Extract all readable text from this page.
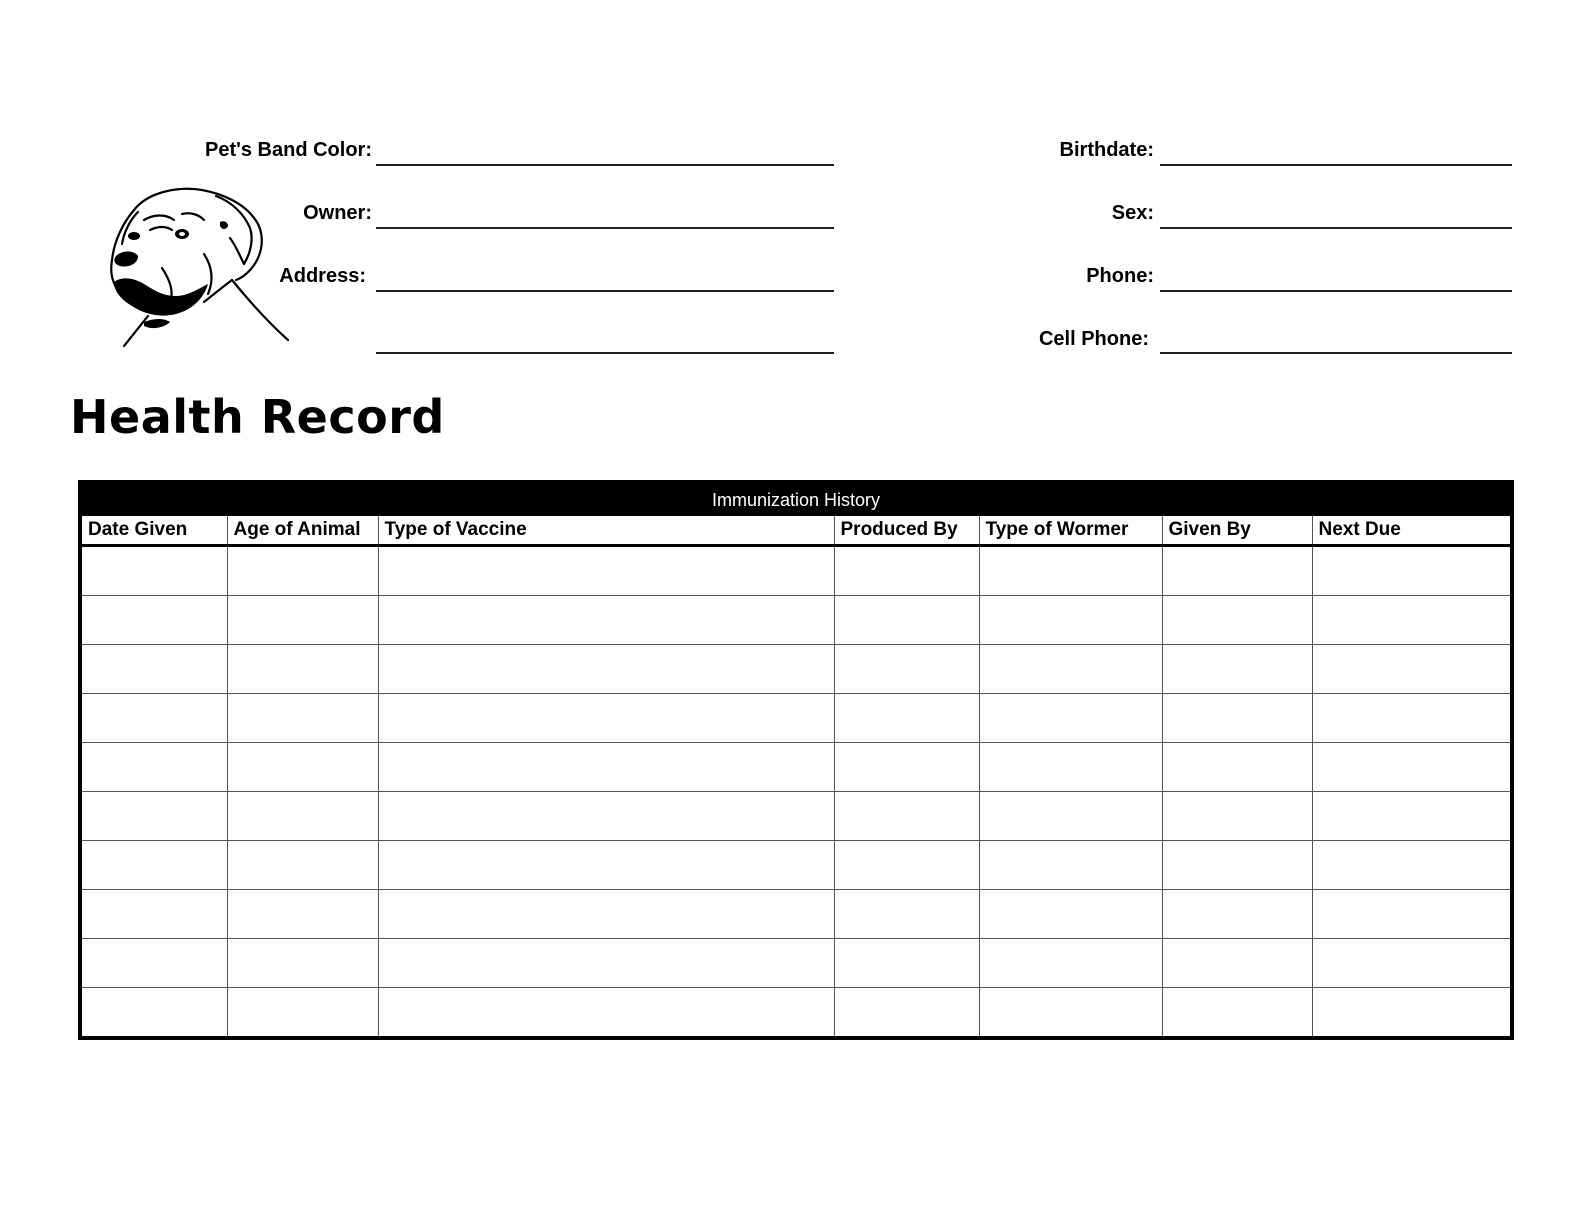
Pet's Band Color:
Owner:
Address:
Birthdate:
Sex:
Phone:
Cell Phone:
Health Record
Immunization History
Date Given	Age of Animal	Type of Vaccine	Produced By	Type of Wormer	Given By	Next Due
